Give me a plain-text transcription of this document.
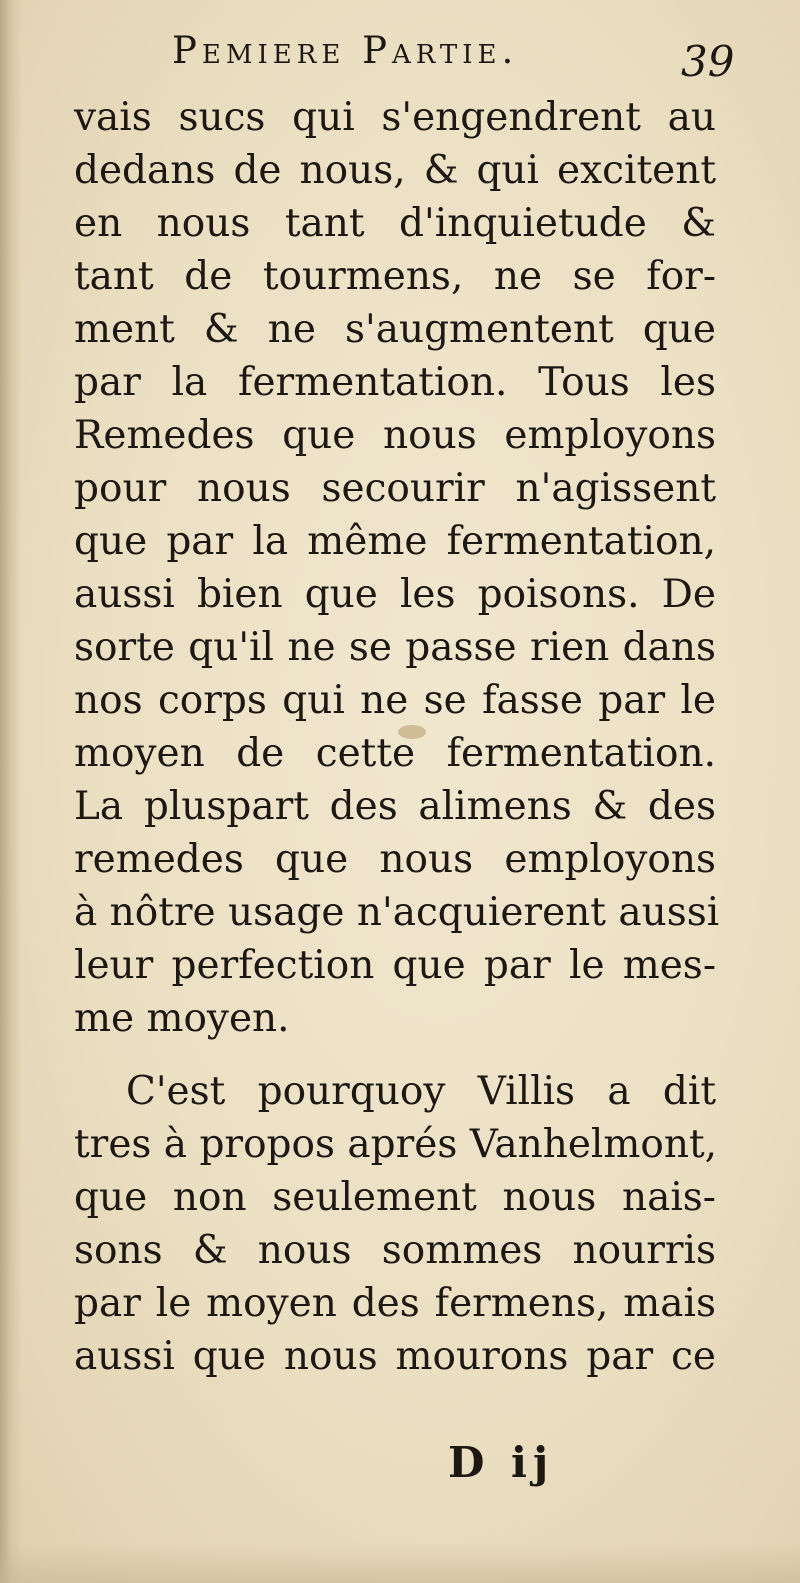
Pemiere Partie.	39
vais sucs qui s'engendrent au
dedans de nous, & qui excitent
en nous tant d'inquietude &
tant de tourmens, ne se for-
ment & ne s'augmentent que
par la fermentation. Tous les
Remedes que nous employons
pour nous secourir n'agissent
que par la même fermentation,
aussi bien que les poisons. De
sorte qu'il ne se passe rien dans
nos corps qui ne se fasse par le
moyen de cette fermentation.
La pluspart des alimens & des
remedes que nous employons
à nôtre usage n'acquierent aussi
leur perfection que par le mes-
me moyen.
C'est pourquoy Villis a dit
tres à propos aprés Vanhelmont,
que non seulement nous nais-
sons & nous sommes nourris
par le moyen des fermens, mais
aussi que nous mourons par ce
D ij
